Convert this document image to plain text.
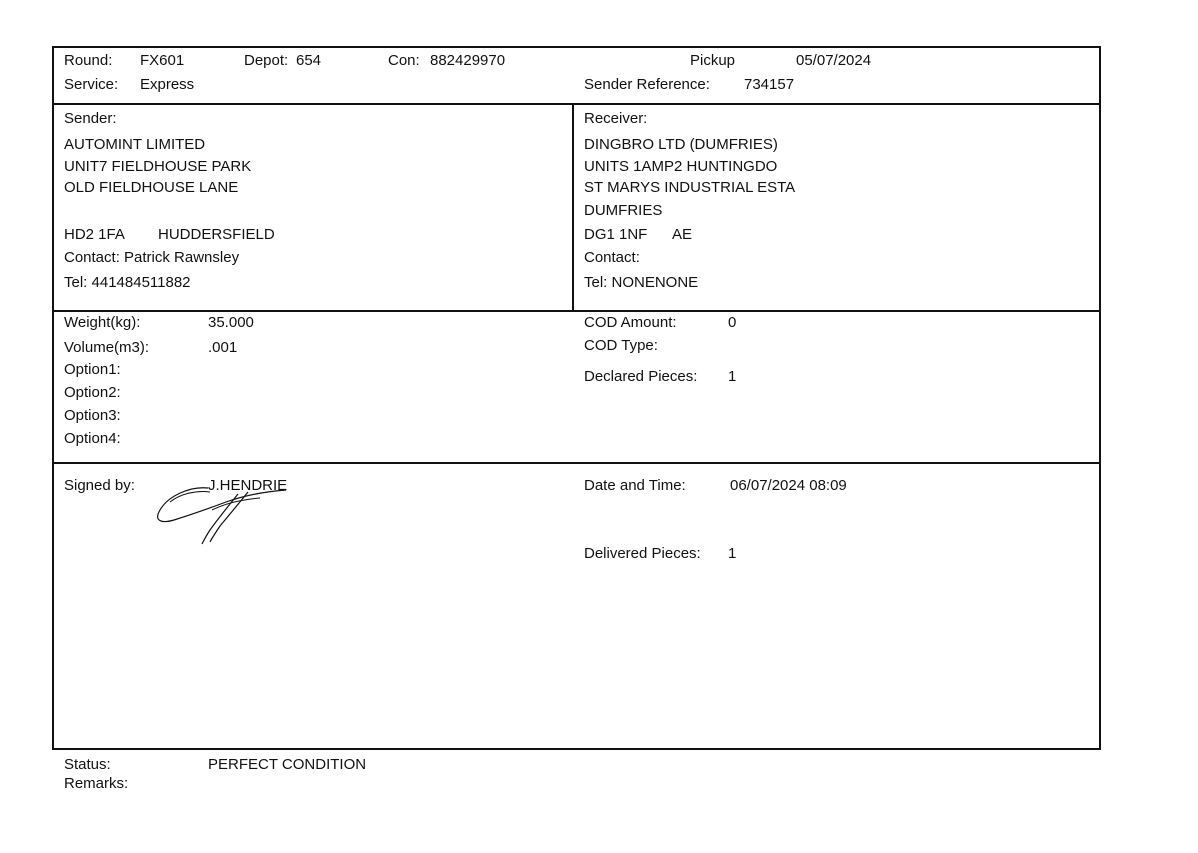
Round: FX601	Depot: 654	Con: 882429970	Pickup	05/07/2024
Service: Express	Sender Reference: 734157
Sender:
AUTOMINT LIMITED
UNIT7 FIELDHOUSE PARK
OLD FIELDHOUSE LANE
HD2 1FA HUDDERSFIELD
Contact: Patrick Rawnsley
Tel: 441484511882
Receiver:
DINGBRO LTD (DUMFRIES)
UNITS 1AMP2 HUNTINGDO
ST MARYS INDUSTRIAL ESTA
DUMFRIES
DG1 1NF AE
Contact:
Tel: NONENONE
Weight(kg):	35.000
Volume(m3):	.001
Option1:
Option2:
Option3:
Option4:
COD Amount:	0
COD Type:
Declared Pieces: 1
Signed by:	J.HENDRIE	Date and Time:	06/07/2024 08:09
Delivered Pieces: 1
Status:	PERFECT CONDITION
Remarks:
